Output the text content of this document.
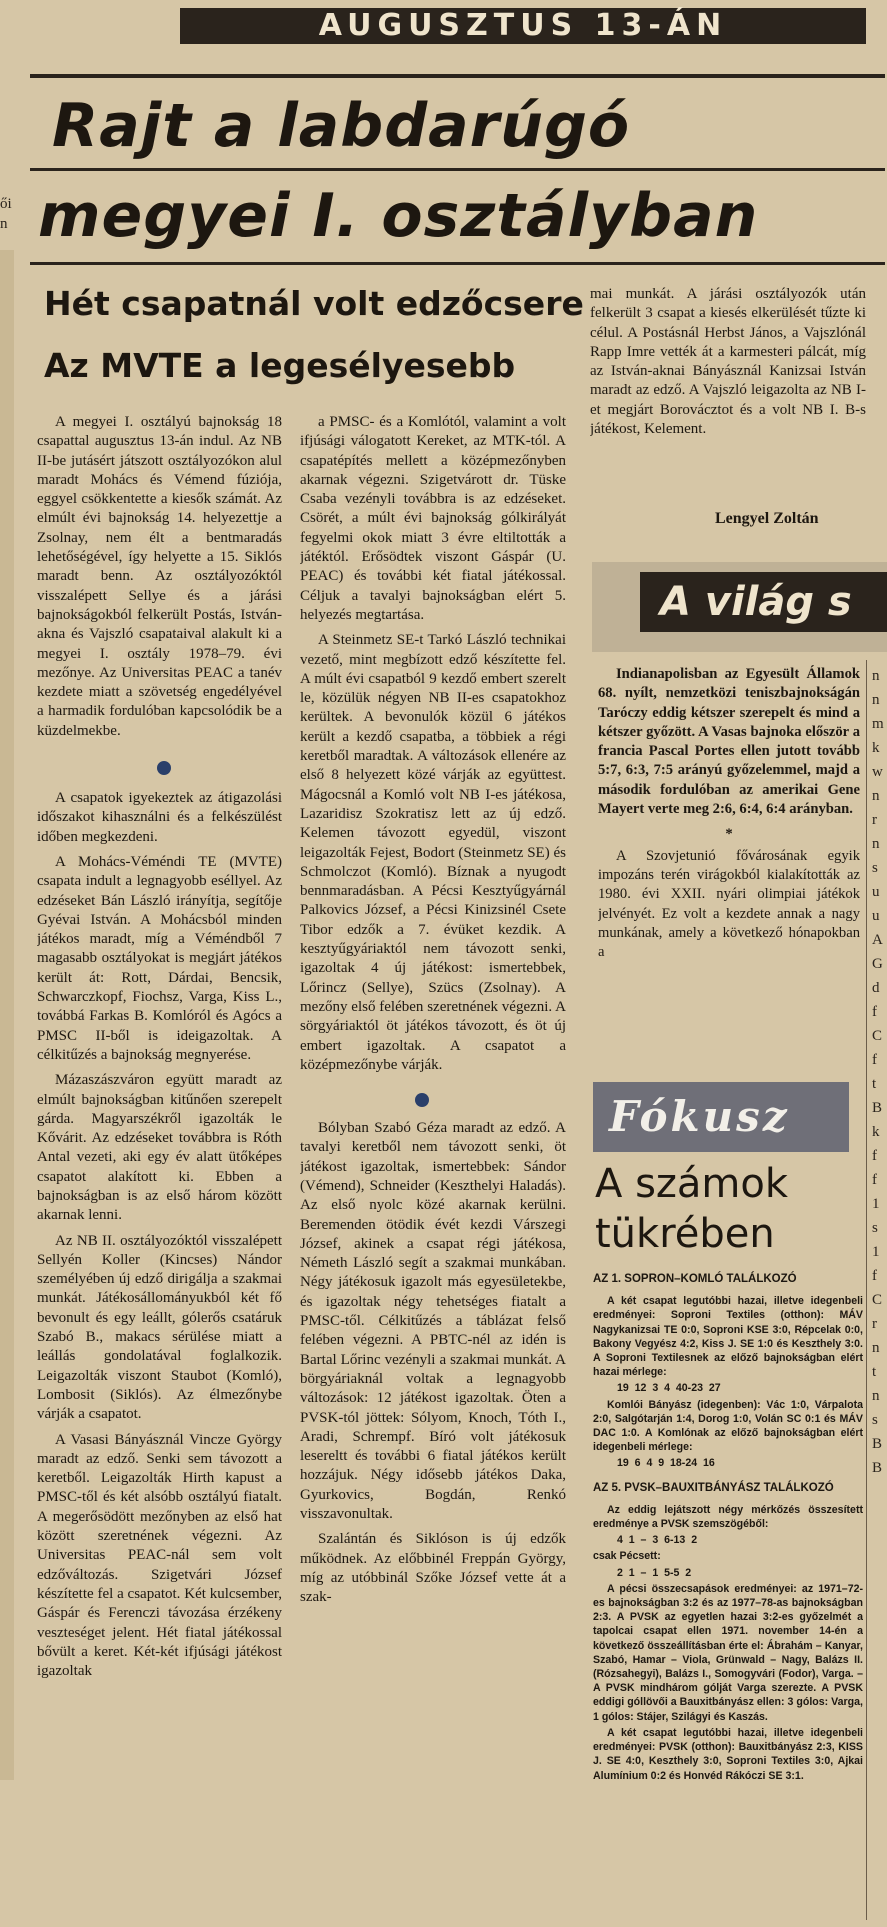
ői
n
AUGUSZTUS 13-ÁN
Rajt a labdarúgó
megyei I. osztályban
Hét csapatnál volt edzőcsere
Az MVTE a legesélyesebb

A megyei I. osztályú bajnokság 18 csapattal augusztus 13-án indul. Az NB II-be jutásért játszott osztályozókon alul maradt Mohács és Vémend fúziója, eggyel csökkentette a kiesők számát. Az elmúlt évi bajnokság 14. helyezettje a Zsolnay, nem élt a bentmaradás lehetőségével, így helyette a 15. Siklós maradt benn. Az osztályozóktól visszalépett Sellye és a járási bajnokságokból felkerült Postás, István-akna és Vajszló csapataival alakult ki a megyei I. osztály 1978–79. évi mezőnye. Az Universitas PEAC a tanév kezdete miatt a szövetség engedélyével a harmadik fordulóban kapcsolódik be a küzdelmekbe.

A csapatok igyekeztek az átigazolási időszakot kihasználni és a felkészülést időben megkezdeni.

A Mohács-Véméndi TE (MVTE) csapata indult a legnagyobb eséllyel. Az edzéseket Bán László irányítja, segítője Gyévai István. A Mohácsból minden játékos maradt, míg a Véméndből 7 magasabb osztályokat is megjárt játékos került át: Rott, Dárdai, Bencsik, Schwarczkopf, Fiochsz, Varga, Kiss L., továbbá Farkas B. Komlóról és Agócs a PMSC II-ből is ideigazoltak. A célkitűzés a bajnokság megnyerése.

Mázaszászváron együtt maradt az elmúlt bajnokságban kitűnően szerepelt gárda. Magyarszékről igazolták le Kővárit. Az edzéseket továbbra is Róth Antal vezeti, aki egy év alatt ütőképes csapatot alakított ki. Ebben a bajnokságban is az első három között akarnak lenni.

Az NB II. osztályozóktól visszalépett Sellyén Koller (Kincses) Nándor személyében új edző dirigálja a szakmai munkát. Játékosállományukból két fő bevonult és egy leállt, gólerős csatáruk Szabó B., makacs sérülése miatt a leállás gondolatával foglalkozik. Leigazolták viszont Staubot (Komló), Lombosit (Siklós). Az élmezőnybe várják a csapatot.

A Vasasi Bányásznál Vincze György maradt az edző. Senki sem távozott a keretből. Leigazolták Hirth kapust a PMSC-től és két alsóbb osztályú fiatalt. A megerősödött mezőnyben az első hat között szeretnének végezni. Az Universitas PEAC-nál sem volt edzőváltozás. Szigetvári József készítette fel a csapatot. Két kulcsember, Gáspár és Ferenczi távozása érzékeny veszteséget jelent. Hét fiatal játékossal bővült a keret. Két-két ifjúsági játékost igazoltak

a PMSC- és a Komlótól, valamint a volt ifjúsági válogatott Kereket, az MTK-tól. A csapatépítés mellett a középmezőnyben akarnak végezni. Szigetvárott dr. Tüske Csaba vezényli továbbra is az edzéseket. Csörét, a múlt évi bajnokság gólkirályát fegyelmi okok miatt 3 évre eltiltották a játéktól. Erősödtek viszont Gáspár (U. PEAC) és további két fiatal játékossal. Céljuk a tavalyi bajnokságban elért 5. helyezés megtartása.

A Steinmetz SE-t Tarkó László technikai vezető, mint megbízott edző készítette fel. A múlt évi csapatból 9 kezdő embert szerelt le, közülük négyen NB II-es csapatokhoz kerültek. A bevonulók közül 6 játékos került a kezdő csapatba, a többiek a régi keretből maradtak. A változások ellenére az első 8 helyezett közé várják az együttest. Mágocsnál a Komló volt NB I-es játékosa, Lazaridisz Szokratisz lett az új edző. Kelemen távozott egyedül, viszont leigazolták Fejest, Bodort (Steinmetz SE) és Schmolczot (Komló). Bíznak a nyugodt bennmaradásban. A Pécsi Kesztyűgyárnál Palkovics József, a Pécsi Kinizsinél Csete Tibor edzők a 7. évüket kezdik. A kesztyűgyáriaktól nem távozott senki, igazoltak 4 új játékost: ismertebbek, Lőrincz (Sellye), Szücs (Zsolnay). A mezőny első felében szeretnének végezni. A sörgyáriaktól öt játékos távozott, és öt új embert igazoltak. A csapatot a középmezőnybe várják.

Bólyban Szabó Géza maradt az edző. A tavalyi keretből nem távozott senki, öt játékost igazoltak, ismertebbek: Sándor (Vémend), Schneider (Keszthelyi Haladás). Az első nyolc közé akarnak kerülni. Beremenden ötödik évét kezdi Várszegi József, akinek a csapat régi játékosa, Németh László segít a szakmai munkában. Négy játékosuk igazolt más egyesületekbe, és igazoltak négy tehetséges fiatalt a PMSC-től. Célkitűzés a táblázat felső felében végezni. A PBTC-nél az idén is Bartal Lőrinc vezényli a szakmai munkát. A börgyáriaknál voltak a legnagyobb változások: 12 játékost igazoltak. Öten a PVSK-tól jöttek: Sólyom, Knoch, Tóth I., Aradi, Schrempf. Bíró volt játékosuk lesereltt és további 6 fiatal játékos került hozzájuk. Négy idősebb játékos Daka, Gyurkovics, Bogdán, Renkó visszavonultak.

Szalántán és Siklóson is új edzők működnek. Az előbbinél Freppán György, míg az utóbbinál Szőke József vette át a szak-

mai munkát. A járási osztályozók után felkerült 3 csapat a kiesés elkerülését tűzte ki célul. A Postásnál Herbst János, a Vajszlónál Rapp Imre vették át a karmesteri pálcát, míg az István-aknai Bányásznál Kanizsai István maradt az edző. A Vajszló leigazolta az NB I-et megjárt Borovácztot és a volt NB I. B-s játékost, Kelement.

Lengyel Zoltán
A világ s

Indianapolisban az Egyesült Államok 68. nyílt, nemzetközi teniszbajnokságán Taróczy eddig kétszer szerepelt és mind a kétszer győzött. A Vasas bajnoka először a francia Pascal Portes ellen jutott tovább 5:7, 6:3, 7:5 arányú győzelemmel, majd a második fordulóban az amerikai Gene Mayert verte meg 2:6, 6:4, 6:4 arányban.

*

A Szovjetunió fővárosának egyik impozáns terén virágokból kialakították az 1980. évi XXII. nyári olimpiai játékok jelvényét. Ez volt a kezdete annak a nagy munkának, amely a következő hónapokban a

Fókusz
A számok
tükrében

AZ 1. SOPRON–KOMLÓ TALÁLKOZÓ

A két csapat legutóbbi hazai, illetve idegenbeli eredményei: Soproni Textiles (otthon): MÁV Nagykanizsai TE 0:0, Soproni KSE 3:0, Répcelak 0:0, Bakony Vegyész 4:2, Kiss J. SE 1:0 és Keszthely 3:0. A Soproni Textilesnek az előző bajnokságban elért hazai mérlege:

19  12  3  4  40-23  27

Komlói Bányász (idegenben): Vác 1:0, Várpalota 2:0, Salgótarján 1:4, Dorog 1:0, Volán SC 0:1 és MÁV DAC 1:0. A Komlónak az előző bajnokságban elért idegenbeli mérlege:

19  6  4  9  18-24  16

AZ 5. PVSK–BAUXITBÁNYÁSZ TALÁLKOZÓ

Az eddig lejátszott négy mérkőzés összesített eredménye a PVSK szemszögéből:

4  1  –  3  6-13  2

csak Pécsett:

2  1  –  1  5-5  2

A pécsi összecsapások eredményei: az 1971–72-es bajnokságban 3:2 és az 1977–78-as bajnokságban 2:3. A PVSK az egyetlen hazai 3:2-es győzelmét a tapolcai csapat ellen 1971. november 14-én a következő összeállításban érte el: Ábrahám – Kanyar, Szabó, Hamar – Viola, Grünwald – Nagy, Balázs II. (Rózsahegyi), Balázs I., Somogyvári (Fodor), Varga. – A PVSK mindhárom gólját Varga szerezte. A PVSK eddigi góllövői a Bauxitbányász ellen: 3 gólos: Varga, 1 gólos: Stájer, Szilágyi és Kaszás.

A két csapat legutóbbi hazai, illetve idegenbeli eredményei: PVSK (otthon): Bauxitbányász 2:3, KISS J. SE 4:0, Keszthely 3:0, Soproni Textiles 3:0, Ajkai Alumínium 0:2 és Honvéd Rákóczi SE 3:1.

n
n
m
k
w
n
r
n
s
u
u
A
G
d
f
C
f
t
B
k
f
f
1
s
1
f
C
r
n
t
n
s
B
B
